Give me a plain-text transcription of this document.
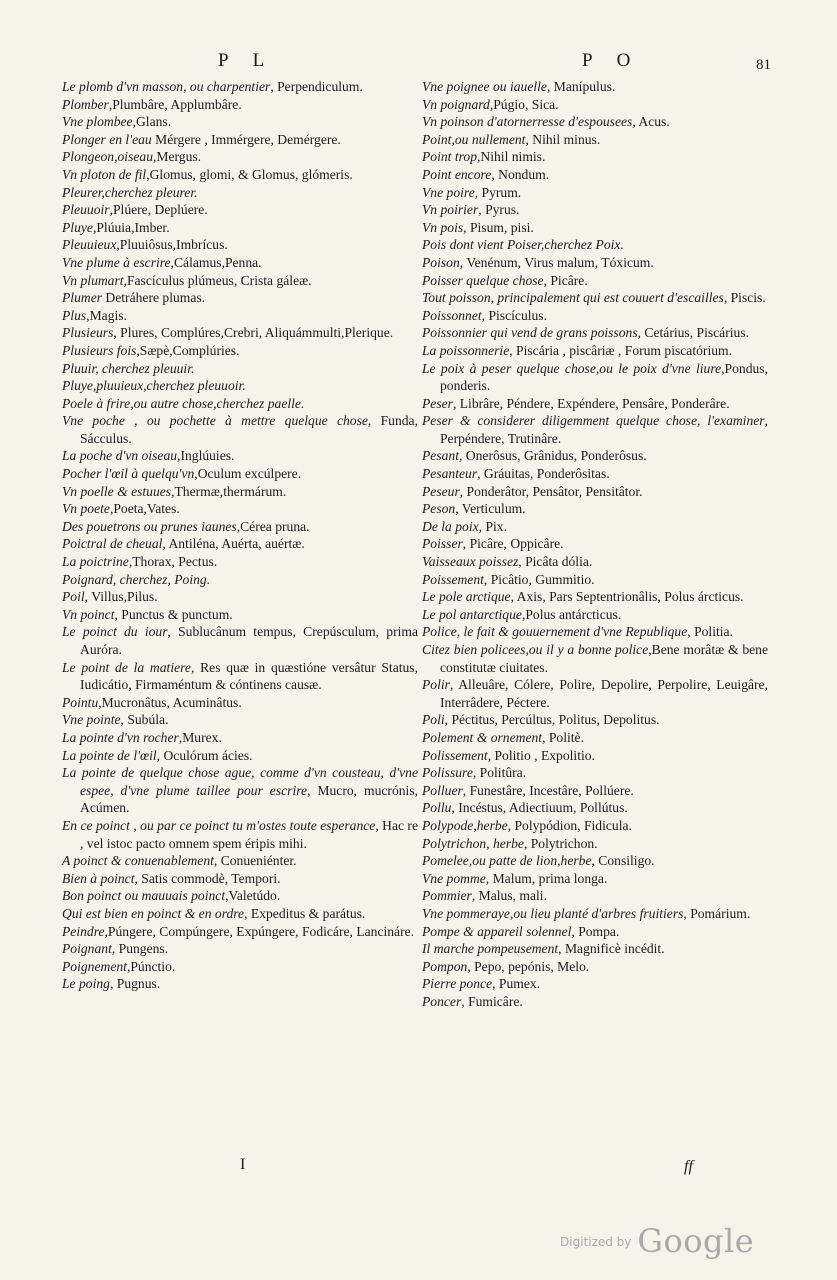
P L	P O	81
Le plomb d'vn masson, ou charpentier, Perpendiculum.
Plomber,Plumbâre, Applumbâre.
Vne plombee,Glans.
Plonger en l'eau Mérgere , Immérgere, Demérgere.
Plongeon,oiseau,Mergus.
Vn ploton de fil,Glomus, glomi, & Glomus, glómeris.
Pleurer,cherchez pleurer.
Pleuuoir,Plúere, Deplúere.
Pluye,Plúuia,Imber.
Pleuuieux,Pluuiôsus,Imbrícus.
Vne plume à escrire,Cálamus,Penna.
Vn plumart,Fascículus plúmeus, Crista gáleæ.
Plumer Detráhere plumas.
Plus,Magis.
Plusieurs, Plures, Complúres,Crebri, Aliquámmulti,Plerique.
Plusieurs fois,Sæpè,Complúries.
Pluuir, cherchez pleuuir.
Pluye,pluuieux,cherchez pleuuoir.
Poele à frire,ou autre chose,cherchez paelle.
Vne poche , ou pochette à mettre quelque chose, Funda, Sácculus.
La poche d'vn oiseau,Inglúuies.
Pocher l'œil à quelqu'vn,Oculum excúlpere.
Vn poelle & estuues,Thermæ,thermárum.
Vn poete,Poeta,Vates.
Des pouetrons ou prunes iaunes,Cérea pruna.
Poictral de cheual, Antiléna, Auérta, auértæ.
La poictrine,Thorax, Pectus.
Poignard, cherchez, Poing.
Poil, Villus,Pilus.
Vn poinct, Punctus & punctum.
Le poinct du iour, Sublucânum tempus, Crepúsculum, prima Auróra.
Le point de la matiere, Res quæ in quæstióne versâtur Status, Iudicátio, Firmaméntum & cóntinens causæ.
Pointu,Mucronâtus, Acuminâtus.
Vne pointe, Subúla.
La pointe d'vn rocher,Murex.
La pointe de l'œil, Oculórum ácies.
La pointe de quelque chose ague, comme d'vn cousteau, d'vne espee, d'vne plume taillee pour escrire, Mucro, mucrónis, Acúmen.
En ce poinct , ou par ce poinct tu m'ostes toute esperance, Hac re , vel istoc pacto omnem spem éripis mihi.
A poinct & conuenablement, Conueniénter.
Bien à poinct, Satis commodè, Tempori.
Bon poinct ou mauuais poinct,Valetúdo.
Qui est bien en poinct & en ordre, Expeditus & parátus.
Peindre,Púngere, Compúngere, Expúngere, Fodicáre, Lancináre.
Poignant, Pungens.
Poignement,Púnctio.
Le poing, Pugnus.
Vne poignee ou iauelle, Manípulus.
Vn poignard,Púgio, Sica.
Vn poinson d'atornerresse d'espousees, Acus.
Point,ou nullement, Nihil minus.
Point trop,Nihil nimis.
Point encore, Nondum.
Vne poire, Pyrum.
Vn poirier, Pyrus.
Vn pois, Pisum, pisi.
Pois dont vient Poiser,cherchez Poix.
Poison, Venénum, Virus malum, Tóxicum.
Poisser quelque chose, Picâre.
Tout poisson, principalement qui est couuert d'escailles, Piscis.
Poissonnet, Piscículus.
Poissonnier qui vend de grans poissons, Cetárius, Piscárius.
La poissonnerie, Piscária , piscâriæ , Forum piscatórium.
Le poix à peser quelque chose,ou le poix d'vne liure,Pondus, ponderis.
Peser, Librâre, Péndere, Expéndere, Pensâre, Ponderâre.
Peser & considerer diligemment quelque chose, l'examiner, Perpéndere, Trutinâre.
Pesant, Onerôsus, Grânidus, Ponderôsus.
Pesanteur, Gráuitas, Ponderôsitas.
Peseur, Ponderâtor, Pensâtor, Pensitâtor.
Peson, Verticulum.
De la poix, Pix.
Poisser, Picâre, Oppicâre.
Vaisseaux poissez, Picâta dólia.
Poissement, Picâtio, Gummitio.
Le pole arctique, Axis, Pars Septentrionâlis, Polus árcticus.
Le pol antarctique,Polus antárcticus.
Police, le fait & gouuernement d'vne Republique, Politia.
Citez bien policees,ou il y a bonne police,Bene morâtæ & bene constitutæ ciuitates.
Polir, Alleuâre, Cólere, Polire, Depolire, Perpolire, Leuigâre, Interrâdere, Péctere.
Poli, Péctitus, Percúltus, Politus, Depolitus.
Polement & ornement, Politè.
Polissement, Politio , Expolitio.
Polissure, Politûra.
Polluer, Funestâre, Incestâre, Pollúere.
Pollu, Incéstus, Adiectiuum, Pollútus.
Polypode,herbe, Polypódion, Fidicula.
Polytrichon, herbe, Polytrichon.
Pomelee,ou patte de lion,herbe, Consiligo.
Vne pomme, Malum, prima longa.
Pommier, Malus, mali.
Vne pommeraye,ou lieu planté d'arbres fruitiers, Pomárium.
Pompe & appareil solennel, Pompa.
Il marche pompeusement, Magnificè incédit.
Pompon, Pepo, pepónis, Melo.
Pierre ponce, Pumex.
Poncer, Fumicâre.
I	ff
$^{Digitized by}$ Google
